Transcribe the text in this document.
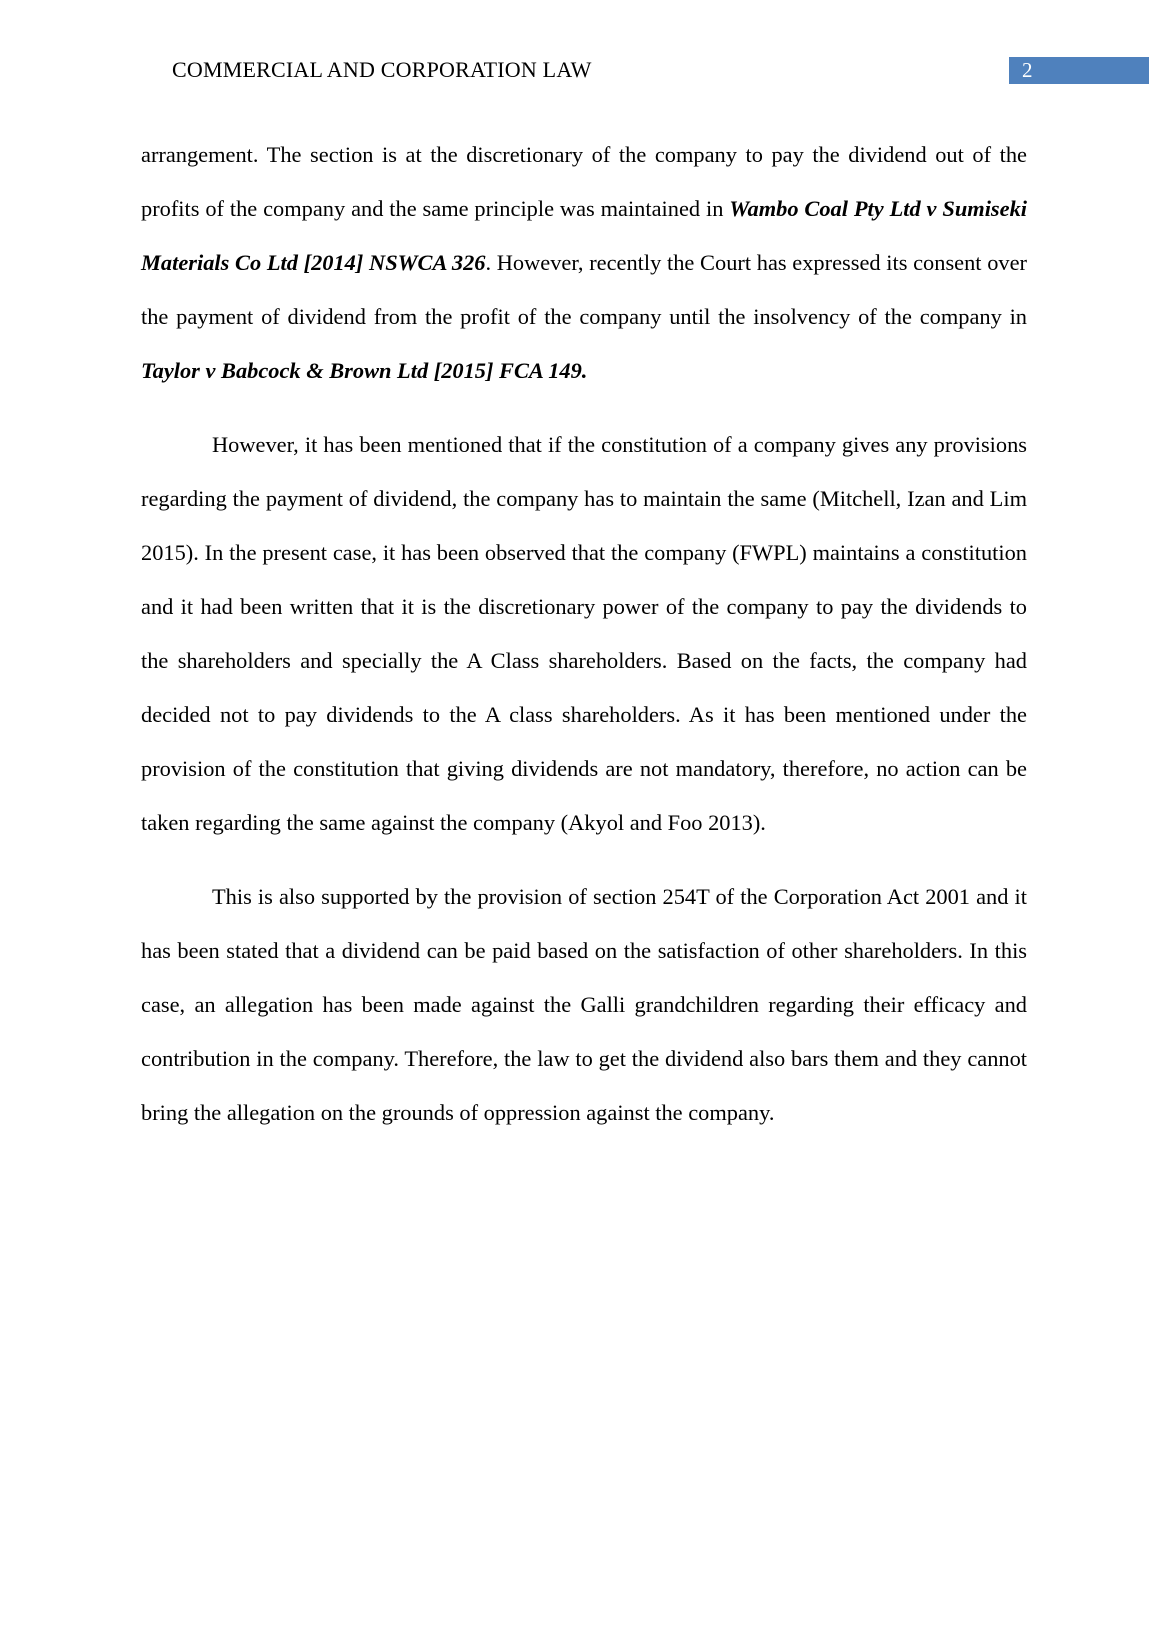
COMMERCIAL AND CORPORATION LAW	2

arrangement. The section is at the discretionary of the company to pay the dividend out of the profits of the company and the same principle was maintained in Wambo Coal Pty Ltd v Sumiseki Materials Co Ltd [2014] NSWCA 326. However, recently the Court has expressed its consent over the payment of dividend from the profit of the company until the insolvency of the company in Taylor v Babcock & Brown Ltd [2015] FCA 149.

However, it has been mentioned that if the constitution of a company gives any provisions regarding the payment of dividend, the company has to maintain the same (Mitchell, Izan and Lim 2015). In the present case, it has been observed that the company (FWPL) maintains a constitution and it had been written that it is the discretionary power of the company to pay the dividends to the shareholders and specially the A Class shareholders. Based on the facts, the company had decided not to pay dividends to the A class shareholders. As it has been mentioned under the provision of the constitution that giving dividends are not mandatory, therefore, no action can be taken regarding the same against the company (Akyol and Foo 2013).

This is also supported by the provision of section 254T of the Corporation Act 2001 and it has been stated that a dividend can be paid based on the satisfaction of other shareholders. In this case, an allegation has been made against the Galli grandchildren regarding their efficacy and contribution in the company. Therefore, the law to get the dividend also bars them and they cannot bring the allegation on the grounds of oppression against the company.
